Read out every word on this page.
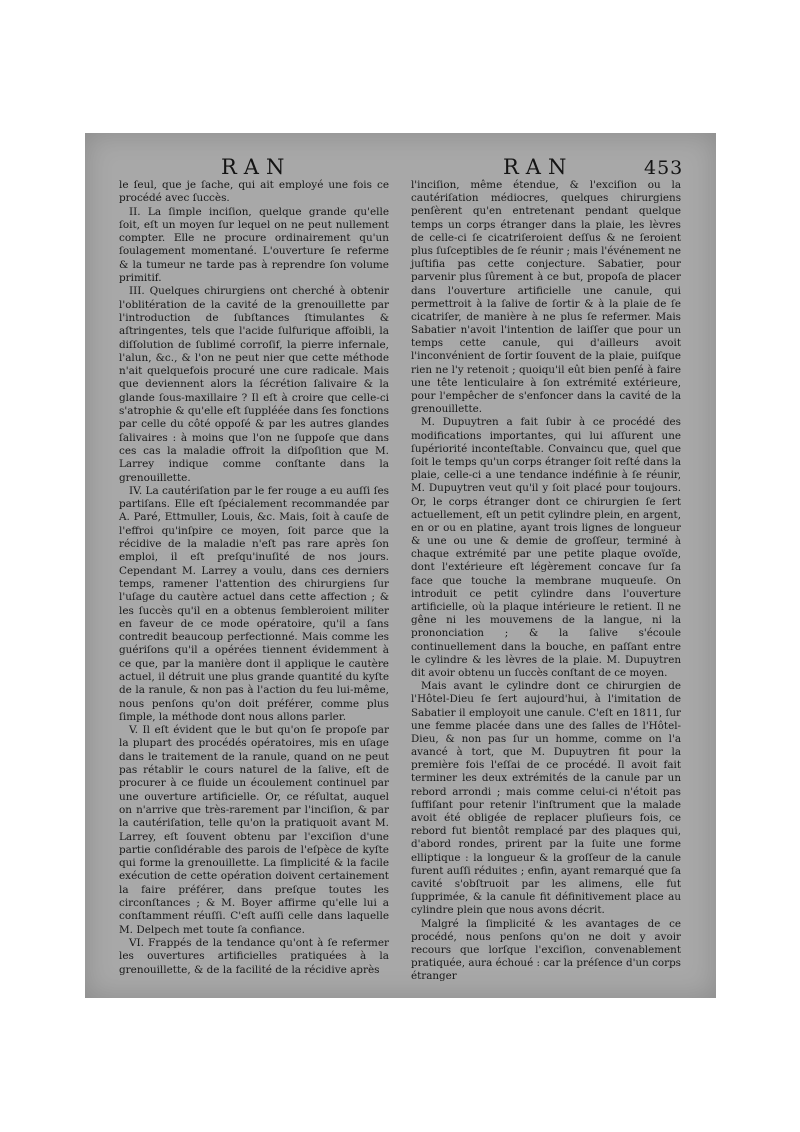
RAN	RAN	453

le ſeul, que je ſache, qui ait employé une fois ce procédé avec ſuccès.

II. La ſimple inciſion, quelque grande qu'elle ſoit, eſt un moyen ſur lequel on ne peut nullement compter. Elle ne procure ordinairement qu'un ſoulagement momentané. L'ouverture ſe referme & la tumeur ne tarde pas à reprendre ſon volume primitif.

III. Quelques chirurgiens ont cherché à obtenir l'oblitération de la cavité de la grenouillette par l'introduction de ſubſtances ſtimulantes & aſtringentes, tels que l'acide ſulfurique affoibli, la diſſolution de ſublimé corroſif, la pierre infernale, l'alun, &c., & l'on ne peut nier que cette méthode n'ait quelquefois procuré une cure radicale. Mais que deviennent alors la ſécrétion ſalivaire & la glande ſous-maxillaire ? Il eſt à croire que celle-ci s'atrophie & qu'elle eſt ſuppléée dans ſes fonctions par celle du côté oppoſé & par les autres glandes ſalivaires : à moins que l'on ne ſuppoſe que dans ces cas la maladie offroit la diſpoſition que M. Larrey indique comme conſtante dans la grenouillette.

IV. La cautériſation par le fer rouge a eu auſſi ſes partiſans. Elle eſt ſpécialement recommandée par A. Paré, Ettmuller, Louis, &c. Mais, ſoit à cauſe de l'effroi qu'inſpire ce moyen, ſoit parce que la récidive de la maladie n'eſt pas rare après ſon emploi, il eſt preſqu'inuſité de nos jours. Cependant M. Larrey a voulu, dans ces derniers temps, ramener l'attention des chirurgiens ſur l'uſage du cautère actuel dans cette affection ; & les ſuccès qu'il en a obtenus ſembleroient militer en faveur de ce mode opératoire, qu'il a ſans contredit beaucoup perfectionné. Mais comme les guériſons qu'il a opérées tiennent évidemment à ce que, par la manière dont il applique le cautère actuel, il détruit une plus grande quantité du kyſte de la ranule, & non pas à l'action du feu lui-même, nous penſons qu'on doit préférer, comme plus ſimple, la méthode dont nous allons parler.

V. Il eſt évident que le but qu'on ſe propoſe par la plupart des procédés opératoires, mis en uſage dans le traitement de la ranule, quand on ne peut pas rétablir le cours naturel de la ſalive, eſt de procurer à ce fluide un écoulement continuel par une ouverture artificielle. Or, ce réſultat, auquel on n'arrive que très-rarement par l'inciſion, & par la cautériſation, telle qu'on la pratiquoit avant M. Larrey, eſt ſouvent obtenu par l'exciſion d'une partie conſidérable des parois de l'eſpèce de kyſte qui forme la grenouillette. La ſimplicité & la facile exécution de cette opération doivent certainement la faire préférer, dans preſque toutes les circonſtances ; & M. Boyer affirme qu'elle lui a conſtamment réuſſi. C'eſt auſſi celle dans laquelle M. Delpech met toute ſa confiance.

VI. Frappés de la tendance qu'ont à ſe refermer les ouvertures artificielles pratiquées à la grenouillette, & de la facilité de la récidive après

l'inciſion, même étendue, & l'exciſion ou la cautériſation médiocres, quelques chirurgiens penſèrent qu'en entretenant pendant quelque temps un corps étranger dans la plaie, les lèvres de celle-ci ſe cicatriſeroient deſſus & ne ſeroient plus ſuſceptibles de ſe réunir ; mais l'événement ne juſtifia pas cette conjecture. Sabatier, pour parvenir plus ſûrement à ce but, propoſa de placer dans l'ouverture artificielle une canule, qui permettroit à la ſalive de ſortir & à la plaie de ſe cicatriſer, de manière à ne plus ſe refermer. Mais Sabatier n'avoit l'intention de laiſſer que pour un temps cette canule, qui d'ailleurs avoit l'inconvénient de ſortir ſouvent de la plaie, puiſque rien ne l'y retenoit ; quoiqu'il eût bien penſé à faire une tête lenticulaire à ſon extrémité extérieure, pour l'empêcher de s'enfoncer dans la cavité de la grenouillette.

M. Dupuytren a fait ſubir à ce procédé des modifications importantes, qui lui aſſurent une ſupériorité inconteſtable. Convaincu que, quel que ſoit le temps qu'un corps étranger ſoit reſté dans la plaie, celle-ci a une tendance indéfinie à ſe réunir, M. Dupuytren veut qu'il y ſoit placé pour toujours. Or, le corps étranger dont ce chirurgien ſe ſert actuellement, eſt un petit cylindre plein, en argent, en or ou en platine, ayant trois lignes de longueur & une ou une & demie de groſſeur, terminé à chaque extrémité par une petite plaque ovoïde, dont l'extérieure eſt légèrement concave ſur ſa face que touche la membrane muqueuſe. On introduit ce petit cylindre dans l'ouverture artificielle, où la plaque intérieure le retient. Il ne gêne ni les mouvemens de la langue, ni la prononciation ; & la ſalive s'écoule continuellement dans la bouche, en paſſant entre le cylindre & les lèvres de la plaie. M. Dupuytren dit avoir obtenu un ſuccès conſtant de ce moyen.

Mais avant le cylindre dont ce chirurgien de l'Hôtel-Dieu ſe ſert aujourd'hui, à l'imitation de Sabatier il employoit une canule. C'eſt en 1811, ſur une femme placée dans une des ſalles de l'Hôtel-Dieu, & non pas ſur un homme, comme on l'a avancé à tort, que M. Dupuytren fit pour la première fois l'eſſai de ce procédé. Il avoit fait terminer les deux extrémités de la canule par un rebord arrondi ; mais comme celui-ci n'étoit pas ſuffiſant pour retenir l'inſtrument que la malade avoit été obligée de replacer pluſieurs fois, ce rebord fut bientôt remplacé par des plaques qui, d'abord rondes, prirent par la ſuite une forme elliptique : la longueur & la groſſeur de la canule furent auſſi réduites ; enfin, ayant remarqué que ſa cavité s'obſtruoit par les alimens, elle fut ſupprimée, & la canule fit définitivement place au cylindre plein que nous avons décrit.

Malgré la ſimplicité & les avantages de ce procédé, nous penſons qu'on ne doit y avoir recours que lorſque l'exciſion, convenablement pratiquée, aura échoué : car la préſence d'un corps étranger
